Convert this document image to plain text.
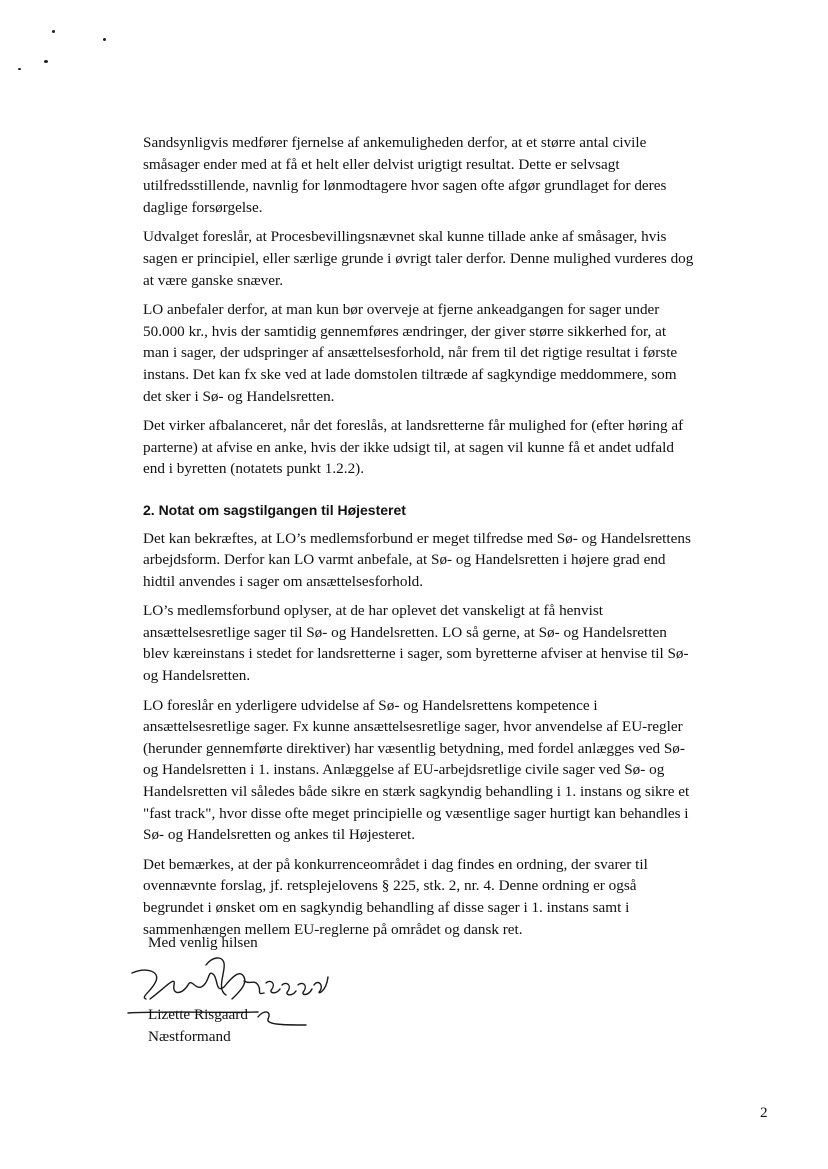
Sandsynligvis medfører fjernelse af ankemuligheden derfor, at et større antal civile småsager ender med at få et helt eller delvist urigtigt resultat. Dette er selvsagt utilfredsstillende, navnlig for lønmodtagere hvor sagen ofte afgør grundlaget for deres daglige forsørgelse.

Udvalget foreslår, at Procesbevillingsnævnet skal kunne tillade anke af småsager, hvis sagen er principiel, eller særlige grunde i øvrigt taler derfor. Denne mulighed vurderes dog at være ganske snæver.

LO anbefaler derfor, at man kun bør overveje at fjerne ankeadgangen for sager under 50.000 kr., hvis der samtidig gennemføres ændringer, der giver større sikkerhed for, at man i sager, der udspringer af ansættelsesforhold, når frem til det rigtige resultat i første instans. Det kan fx ske ved at lade domstolen tiltræde af sagkyndige meddommere, som det sker i Sø- og Handelsretten.

Det virker afbalanceret, når det foreslås, at landsretterne får mulighed for (efter høring af parterne) at afvise en anke, hvis der ikke udsigt til, at sagen vil kunne få et andet udfald end i byretten (notatets punkt 1.2.2).

2. Notat om sagstilgangen til Højesteret

Det kan bekræftes, at LO’s medlemsforbund er meget tilfredse med Sø- og Handelsrettens arbejdsform. Derfor kan LO varmt anbefale, at Sø- og Handelsretten i højere grad end hidtil anvendes i sager om ansættelsesforhold.

LO’s medlemsforbund oplyser, at de har oplevet det vanskeligt at få henvist ansættelsesretlige sager til Sø- og Handelsretten. LO så gerne, at Sø- og Handelsretten blev kæreinstans i stedet for landsretterne i sager, som byretterne afviser at henvise til Sø- og Handelsretten.

LO foreslår en yderligere udvidelse af Sø- og Handelsrettens kompetence i ansættelsesretlige sager. Fx kunne ansættelsesretlige sager, hvor anvendelse af EU-regler (herunder gennemførte direktiver) har væsentlig betydning, med fordel anlægges ved Sø- og Handelsretten i 1. instans. Anlæggelse af EU-arbejdsretlige civile sager ved Sø- og Handelsretten vil således både sikre en stærk sagkyndig behandling i 1. instans og sikre et "fast track", hvor disse ofte meget principielle og væsentlige sager hurtigt kan behandles i Sø- og Handelsretten og ankes til Højesteret.

Det bemærkes, at der på konkurrenceområdet i dag findes en ordning, der svarer til ovennævnte forslag, jf. retsplejelovens § 225, stk. 2, nr. 4. Denne ordning er også begrundet i ønsket om en sagkyndig behandling af disse sager i 1. instans samt i sammenhængen mellem EU-reglerne på området og dansk ret.

Med venlig hilsen
Lizette Risgaard
Næstformand
2
